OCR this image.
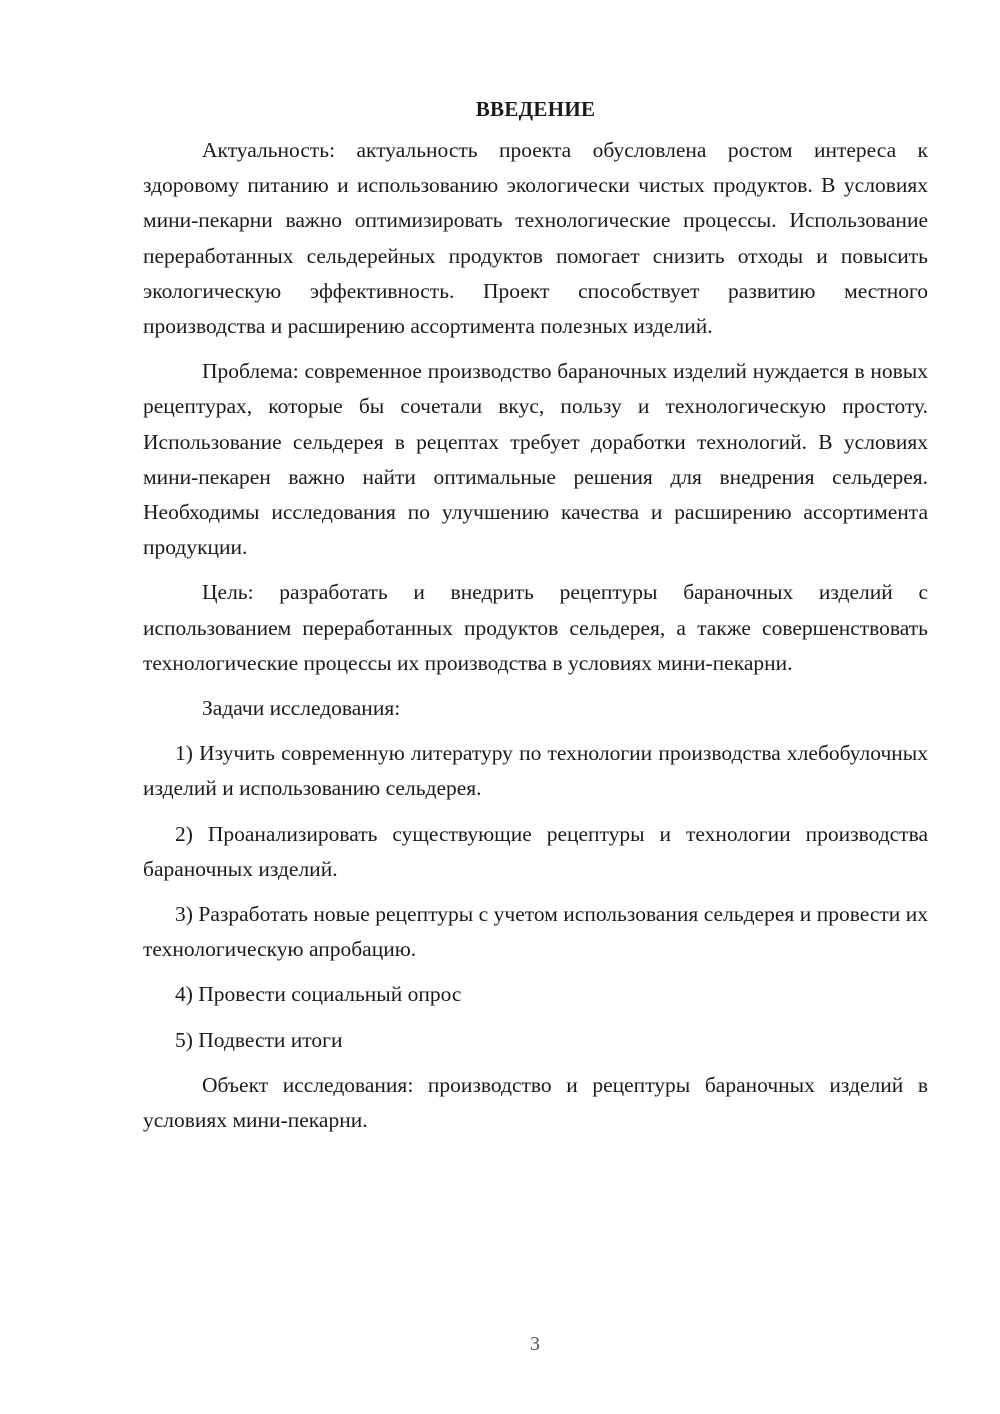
ВВЕДЕНИЕ

Актуальность: актуальность проекта обусловлена ростом интереса к здоровому питанию и использованию экологически чистых продуктов. В условиях мини-пекарни важно оптимизировать технологические процессы. Использование переработанных сельдерейных продуктов помогает снизить отходы и повысить экологическую эффективность. Проект способствует развитию местного производства и расширению ассортимента полезных изделий.

Проблема: современное производство бараночных изделий нуждается в новых рецептурах, которые бы сочетали вкус, пользу и технологическую простоту. Использование сельдерея в рецептах требует доработки технологий. В условиях мини-пекарен важно найти оптимальные решения для внедрения сельдерея. Необходимы исследования по улучшению качества и расширению ассортимента продукции.

Цель: разработать и внедрить рецептуры бараночных изделий с использованием переработанных продуктов сельдерея, а также совершенствовать технологические процессы их производства в условиях мини-пекарни.

Задачи исследования:

1) Изучить современную литературу по технологии производства хлебобулочных изделий и использованию сельдерея.

2) Проанализировать существующие рецептуры и технологии производства бараночных изделий.

3) Разработать новые рецептуры с учетом использования сельдерея и провести их технологическую апробацию.

4) Провести социальный опрос

5) Подвести итоги

Объект исследования: производство и рецептуры бараночных изделий в условиях мини-пекарни.

3
